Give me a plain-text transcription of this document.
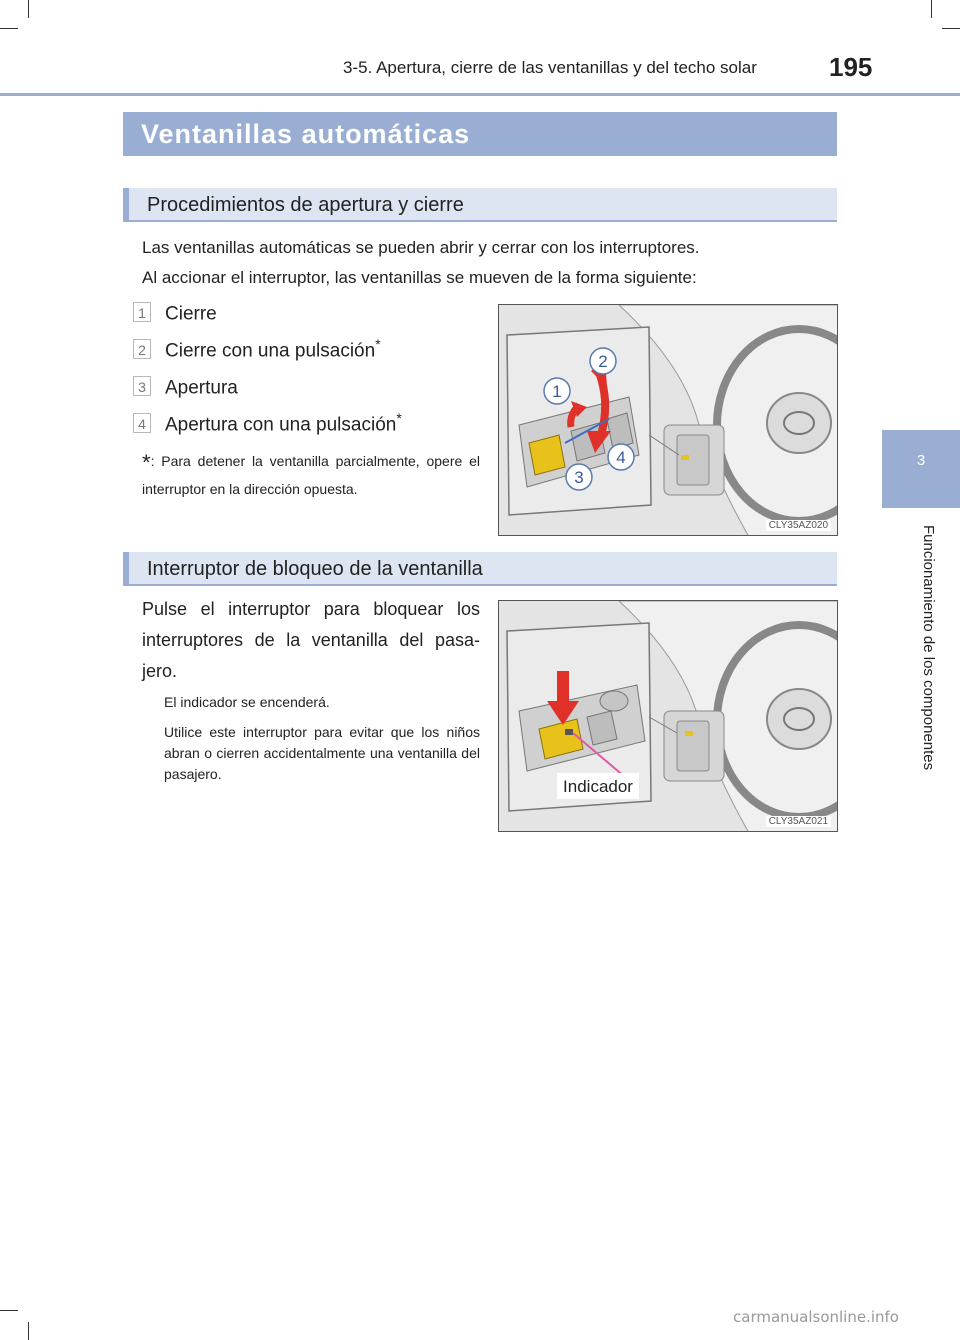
3-5. Apertura, cierre de las ventanillas y del techo solar	195
3
Funcionamiento de los componentes
Ventanillas automáticas
Procedimientos de apertura y cierre
Las ventanillas automáticas se pueden abrir y cerrar con los interruptores.
Al accionar el interruptor, las ventanillas se mueven de la forma siguiente:
1 Cierre
2 Cierre con una pulsación*
3 Apertura
4 Apertura con una pulsación*
*: Para detener la ventanilla parcialmente, opere el interruptor en la dirección opuesta.
1
2
3
4
CLY35AZ020
Interruptor de bloqueo de la ventanilla
Pulse el interruptor para bloquear los interruptores de la ventanilla del pasa-jero.
El indicador se encenderá.
Utilice este interruptor para evitar que los niños abran o cierren accidentalmente una ventanilla del pasajero.
Indicador
CLY35AZ021
carmanualsonline.info
